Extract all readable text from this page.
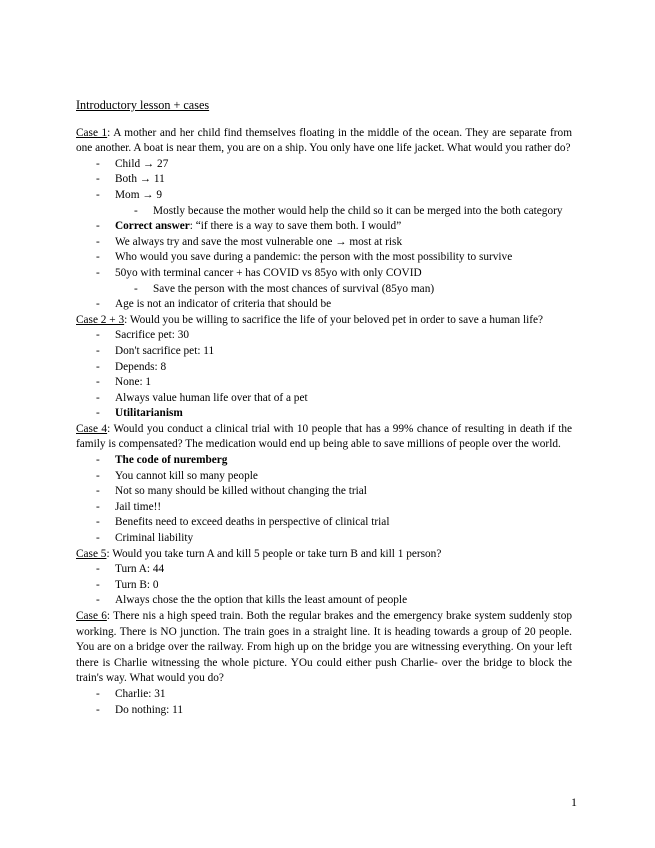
Introductory lesson + cases
Case 1: A mother and her child find themselves floating in the middle of the ocean. They are separate from one another. A boat is near them, you are on a ship. You only have one life jacket. What would you rather do?
- Child → 27
- Both → 11
- Mom → 9
- Mostly because the mother would help the child so it can be merged into the both category
- Correct answer: “if there is a way to save them both. I would”
- We always try and save the most vulnerable one → most at risk
- Who would you save during a pandemic: the person with the most possibility to survive
- 50yo with terminal cancer + has COVID vs 85yo with only COVID
- Save the person with the most chances of survival (85yo man)
- Age is not an indicator of criteria that should be
Case 2 + 3: Would you be willing to sacrifice the life of your beloved pet in order to save a human life?
- Sacrifice pet: 30
- Don't sacrifice pet: 11
- Depends: 8
- None: 1
- Always value human life over that of a pet
- Utilitarianism
Case 4: Would you conduct a clinical trial with 10 people that has a 99% chance of resulting in death if the family is compensated? The medication would end up being able to save millions of people over the world.
- The code of nuremberg
- You cannot kill so many people
- Not so many should be killed without changing the trial
- Jail time!!
- Benefits need to exceed deaths in perspective of clinical trial
- Criminal liability
Case 5: Would you take turn A and kill 5 people or take turn B and kill 1 person?
- Turn A: 44
- Turn B: 0
- Always chose the the option that kills the least amount of people
Case 6: There nis a high speed train. Both the regular brakes and the emergency brake system suddenly stop working. There is NO junction. The train goes in a straight line. It is heading towards a group of 20 people. You are on a bridge over the railway. From high up on the bridge you are witnessing everything. On your left there is Charlie witnessing the whole picture. YOu could either push Charlie- over the bridge to block the train's way. What would you do?
- Charlie: 31
- Do nothing: 11
1
